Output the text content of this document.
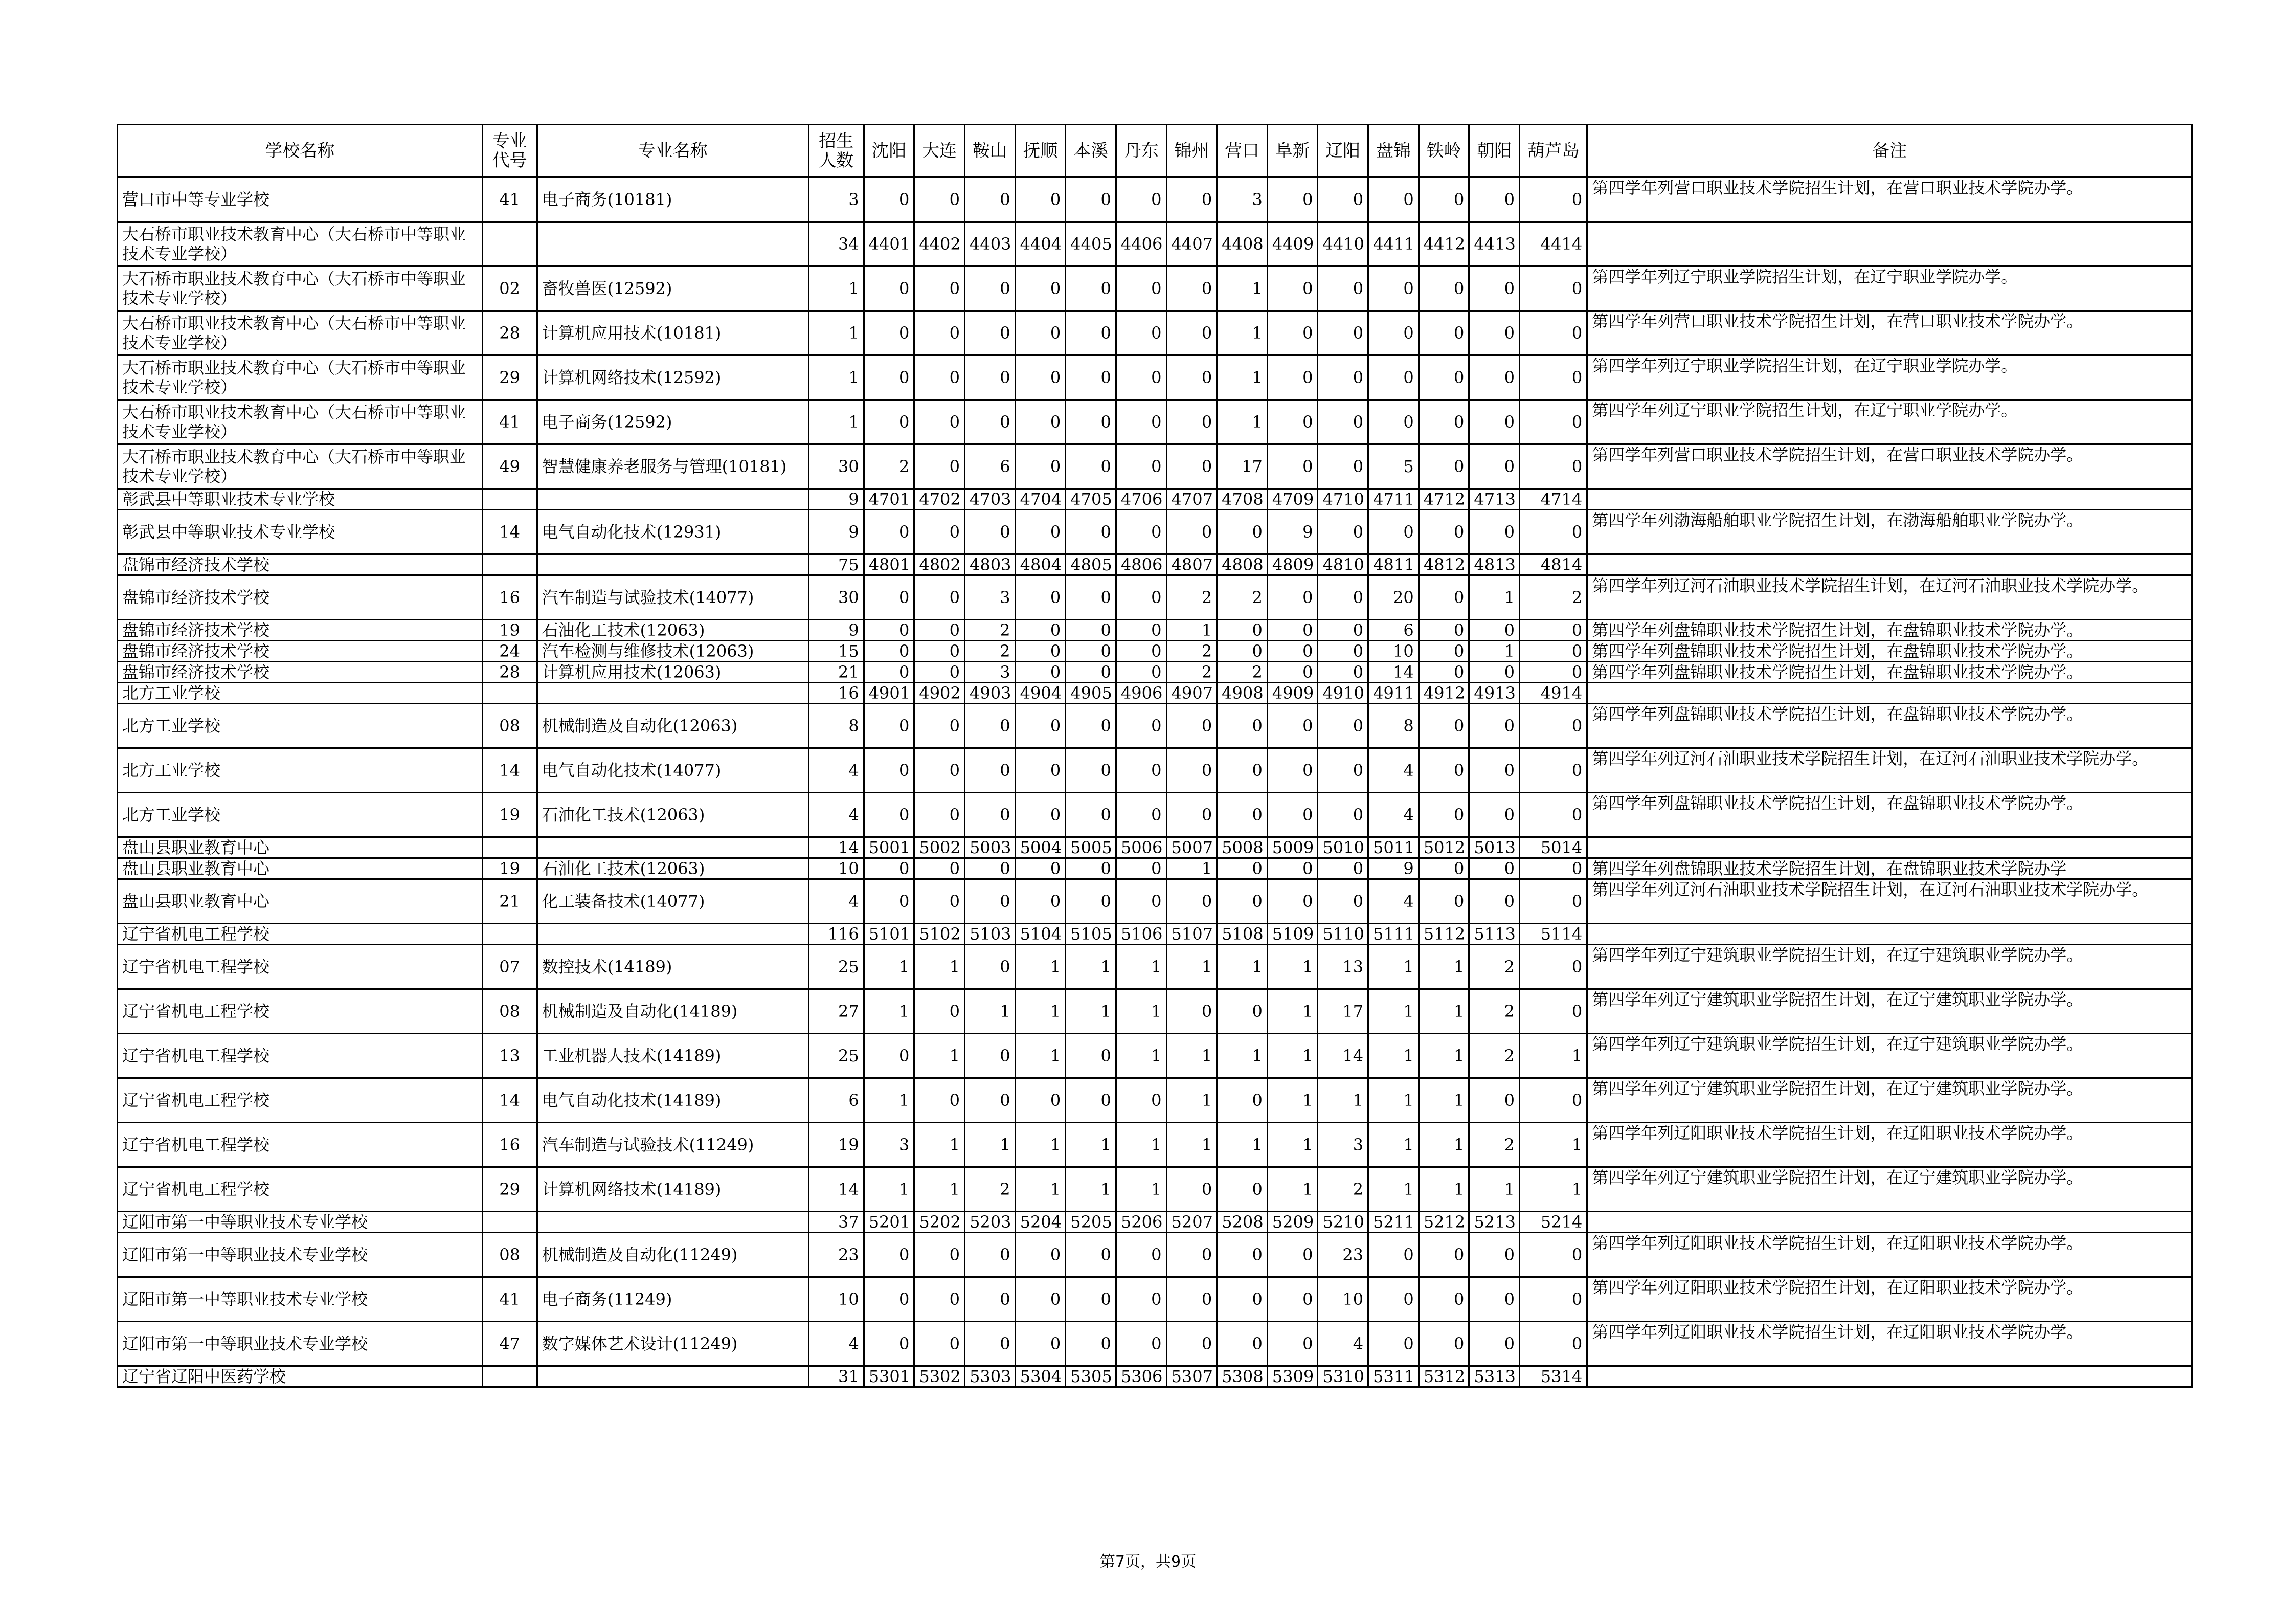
学校名称	专业代号	专业名称	招生人数	沈阳	大连	鞍山	抚顺	本溪	丹东	锦州	营口	阜新	辽阳	盘锦	铁岭	朝阳	葫芦岛	备注
营口市中等专业学校	41	电子商务(10181)	3	0	0	0	0	0	0	0	3	0	0	0	0	0	0	第四学年列营口职业技术学院招生计划，在营口职业技术学院办学。
大石桥市职业技术教育中心（大石桥市中等职业技术专业学校）			34	4401	4402	4403	4404	4405	4406	4407	4408	4409	4410	4411	4412	4413	4414	
大石桥市职业技术教育中心（大石桥市中等职业技术专业学校）	02	畜牧兽医(12592)	1	0	0	0	0	0	0	0	1	0	0	0	0	0	0	第四学年列辽宁职业学院招生计划，在辽宁职业学院办学。
大石桥市职业技术教育中心（大石桥市中等职业技术专业学校）	28	计算机应用技术(10181)	1	0	0	0	0	0	0	0	1	0	0	0	0	0	0	第四学年列营口职业技术学院招生计划，在营口职业技术学院办学。
大石桥市职业技术教育中心（大石桥市中等职业技术专业学校）	29	计算机网络技术(12592)	1	0	0	0	0	0	0	0	1	0	0	0	0	0	0	第四学年列辽宁职业学院招生计划，在辽宁职业学院办学。
大石桥市职业技术教育中心（大石桥市中等职业技术专业学校）	41	电子商务(12592)	1	0	0	0	0	0	0	0	1	0	0	0	0	0	0	第四学年列辽宁职业学院招生计划，在辽宁职业学院办学。
大石桥市职业技术教育中心（大石桥市中等职业技术专业学校）	49	智慧健康养老服务与管理(10181)	30	2	0	6	0	0	0	0	17	0	0	5	0	0	0	第四学年列营口职业技术学院招生计划，在营口职业技术学院办学。
彰武县中等职业技术专业学校			9	4701	4702	4703	4704	4705	4706	4707	4708	4709	4710	4711	4712	4713	4714	
彰武县中等职业技术专业学校	14	电气自动化技术(12931)	9	0	0	0	0	0	0	0	0	9	0	0	0	0	0	第四学年列渤海船舶职业学院招生计划，在渤海船舶职业学院办学。
盘锦市经济技术学校			75	4801	4802	4803	4804	4805	4806	4807	4808	4809	4810	4811	4812	4813	4814	
盘锦市经济技术学校	16	汽车制造与试验技术(14077)	30	0	0	3	0	0	0	2	2	0	0	20	0	1	2	第四学年列辽河石油职业技术学院招生计划，在辽河石油职业技术学院办学。
盘锦市经济技术学校	19	石油化工技术(12063)	9	0	0	2	0	0	0	1	0	0	0	6	0	0	0	第四学年列盘锦职业技术学院招生计划，在盘锦职业技术学院办学。
盘锦市经济技术学校	24	汽车检测与维修技术(12063)	15	0	0	2	0	0	0	2	0	0	0	10	0	1	0	第四学年列盘锦职业技术学院招生计划，在盘锦职业技术学院办学。
盘锦市经济技术学校	28	计算机应用技术(12063)	21	0	0	3	0	0	0	2	2	0	0	14	0	0	0	第四学年列盘锦职业技术学院招生计划，在盘锦职业技术学院办学。
北方工业学校			16	4901	4902	4903	4904	4905	4906	4907	4908	4909	4910	4911	4912	4913	4914	
北方工业学校	08	机械制造及自动化(12063)	8	0	0	0	0	0	0	0	0	0	0	8	0	0	0	第四学年列盘锦职业技术学院招生计划，在盘锦职业技术学院办学。
北方工业学校	14	电气自动化技术(14077)	4	0	0	0	0	0	0	0	0	0	0	4	0	0	0	第四学年列辽河石油职业技术学院招生计划，在辽河石油职业技术学院办学。
北方工业学校	19	石油化工技术(12063)	4	0	0	0	0	0	0	0	0	0	0	4	0	0	0	第四学年列盘锦职业技术学院招生计划，在盘锦职业技术学院办学。
盘山县职业教育中心			14	5001	5002	5003	5004	5005	5006	5007	5008	5009	5010	5011	5012	5013	5014	
盘山县职业教育中心	19	石油化工技术(12063)	10	0	0	0	0	0	0	1	0	0	0	9	0	0	0	第四学年列盘锦职业技术学院招生计划，在盘锦职业技术学院办学
盘山县职业教育中心	21	化工装备技术(14077)	4	0	0	0	0	0	0	0	0	0	0	4	0	0	0	第四学年列辽河石油职业技术学院招生计划，在辽河石油职业技术学院办学。
辽宁省机电工程学校			116	5101	5102	5103	5104	5105	5106	5107	5108	5109	5110	5111	5112	5113	5114	
辽宁省机电工程学校	07	数控技术(14189)	25	1	1	0	1	1	1	1	1	1	13	1	1	2	0	第四学年列辽宁建筑职业学院招生计划，在辽宁建筑职业学院办学。
辽宁省机电工程学校	08	机械制造及自动化(14189)	27	1	0	1	1	1	1	0	0	1	17	1	1	2	0	第四学年列辽宁建筑职业学院招生计划，在辽宁建筑职业学院办学。
辽宁省机电工程学校	13	工业机器人技术(14189)	25	0	1	0	1	0	1	1	1	1	14	1	1	2	1	第四学年列辽宁建筑职业学院招生计划，在辽宁建筑职业学院办学。
辽宁省机电工程学校	14	电气自动化技术(14189)	6	1	0	0	0	0	0	1	0	1	1	1	1	0	0	第四学年列辽宁建筑职业学院招生计划，在辽宁建筑职业学院办学。
辽宁省机电工程学校	16	汽车制造与试验技术(11249)	19	3	1	1	1	1	1	1	1	1	3	1	1	2	1	第四学年列辽阳职业技术学院招生计划，在辽阳职业技术学院办学。
辽宁省机电工程学校	29	计算机网络技术(14189)	14	1	1	2	1	1	1	0	0	1	2	1	1	1	1	第四学年列辽宁建筑职业学院招生计划，在辽宁建筑职业学院办学。
辽阳市第一中等职业技术专业学校			37	5201	5202	5203	5204	5205	5206	5207	5208	5209	5210	5211	5212	5213	5214	
辽阳市第一中等职业技术专业学校	08	机械制造及自动化(11249)	23	0	0	0	0	0	0	0	0	0	23	0	0	0	0	第四学年列辽阳职业技术学院招生计划，在辽阳职业技术学院办学。
辽阳市第一中等职业技术专业学校	41	电子商务(11249)	10	0	0	0	0	0	0	0	0	0	10	0	0	0	0	第四学年列辽阳职业技术学院招生计划，在辽阳职业技术学院办学。
辽阳市第一中等职业技术专业学校	47	数字媒体艺术设计(11249)	4	0	0	0	0	0	0	0	0	0	4	0	0	0	0	第四学年列辽阳职业技术学院招生计划，在辽阳职业技术学院办学。
辽宁省辽阳中医药学校			31	5301	5302	5303	5304	5305	5306	5307	5308	5309	5310	5311	5312	5313	5314	
第7页，共9页
